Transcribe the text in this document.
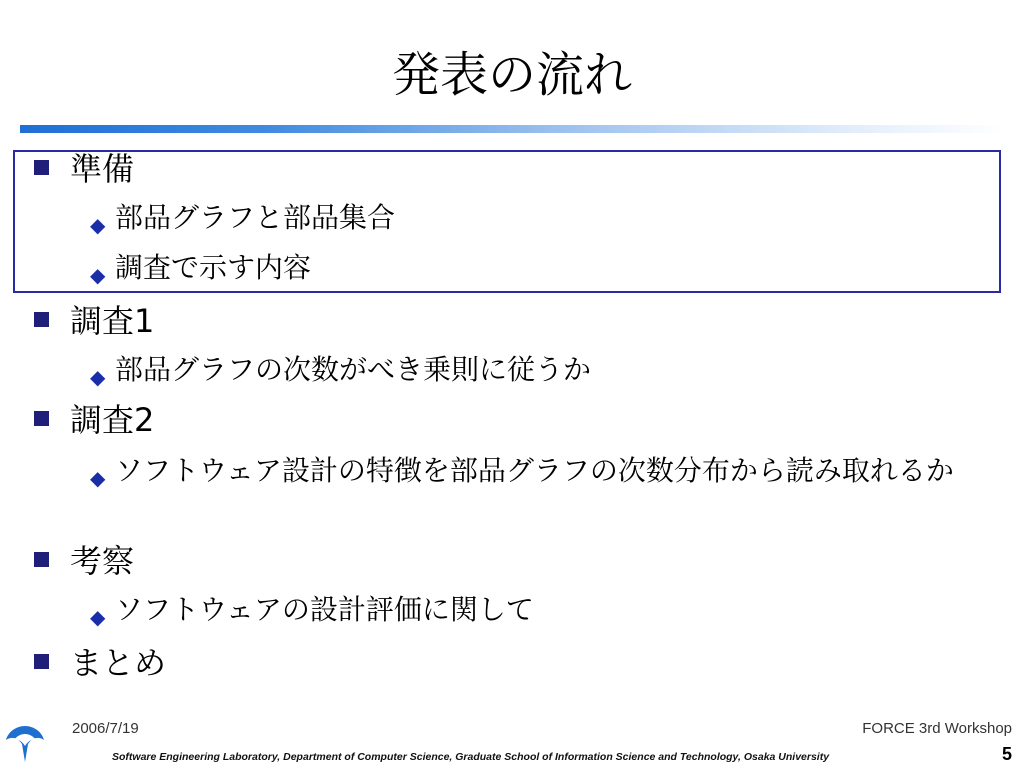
発表の流れ
準備
◆ 部品グラフと部品集合
◆ 調査で示す内容
調査1
◆ 部品グラフの次数がべき乗則に従うか
調査2
◆ ソフトウェア設計の特徴を部品グラフの次数分布から読み取れるか
考察
◆ ソフトウェアの設計評価に関して
まとめ
2006/7/19	FORCE 3rd Workshop
Software Engineering Laboratory, Department of Computer Science, Graduate School of Information Science and Technology, Osaka University	5
